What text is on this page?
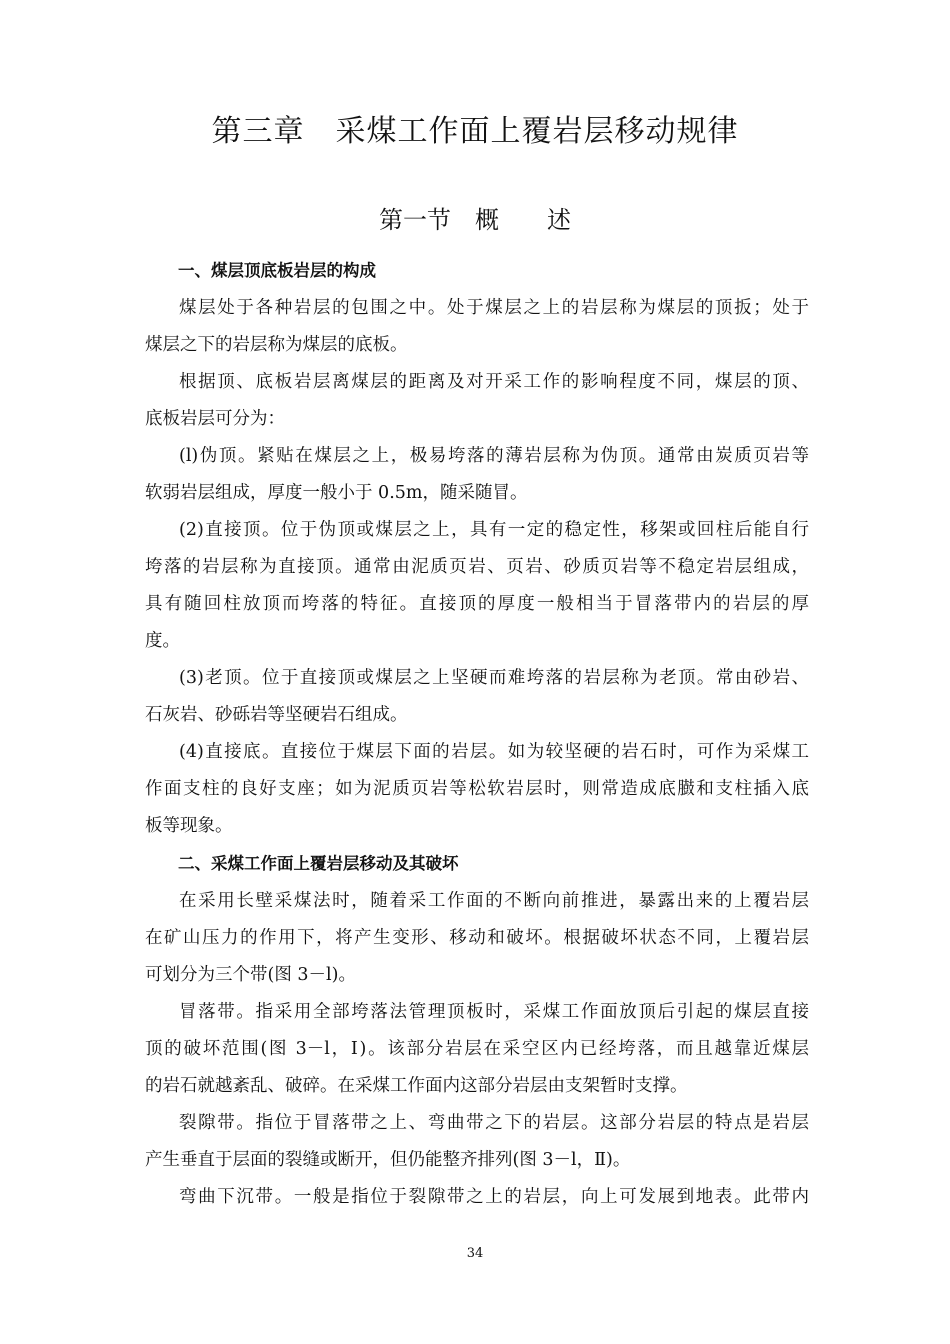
第三章　采煤工作面上覆岩层移动规律
第一节　概　　述

一、煤层顶底板岩层的构成

煤层处于各种岩层的包围之中。处于煤层之上的岩层称为煤层的顶扳；处于

煤层之下的岩层称为煤层的底板。

根据顶、底板岩层离煤层的距离及对开采工作的影响程度不同，煤层的顶、

底板岩层可分为：

(l)伪顶。紧贴在煤层之上，极易垮落的薄岩层称为伪顶。通常由炭质页岩等

软弱岩层组成，厚度一般小于 0.5m，随采随冒。

(2)直接顶。位于伪顶或煤层之上，具有一定的稳定性，移架或回柱后能自行

垮落的岩层称为直接顶。通常由泥质页岩、页岩、砂质页岩等不稳定岩层组成，

具有随回柱放顶而垮落的特征。直接顶的厚度一般相当于冒落带内的岩层的厚

度。

(3)老顶。位于直接顶或煤层之上坚硬而难垮落的岩层称为老顶。常由砂岩、

石灰岩、砂砾岩等坚硬岩石组成。

(4)直接底。直接位于煤层下面的岩层。如为较坚硬的岩石时，可作为采煤工

作面支柱的良好支座；如为泥质页岩等松软岩层时，则常造成底臌和支柱插入底

板等现象。

二、采煤工作面上覆岩层移动及其破坏

在采用长壁采煤法时，随着采工作面的不断向前推进，暴露出来的上覆岩层

在矿山压力的作用下，将产生变形、移动和破坏。根据破坏状态不同，上覆岩层

可划分为三个带(图 3－l)。

冒落带。指采用全部垮落法管理顶板时，采煤工作面放顶后引起的煤层直接

顶的破坏范围(图 3－l，Ⅰ)。该部分岩层在采空区内已经垮落，而且越靠近煤层

的岩石就越紊乱、破碎。在采煤工作面内这部分岩层由支架暂时支撑。

裂隙带。指位于冒落带之上、弯曲带之下的岩层。这部分岩层的特点是岩层

产生垂直于层面的裂缝或断开，但仍能整齐排列(图 3－l，Ⅱ)。

弯曲下沉带。一般是指位于裂隙带之上的岩层，向上可发展到地表。此带内

34
